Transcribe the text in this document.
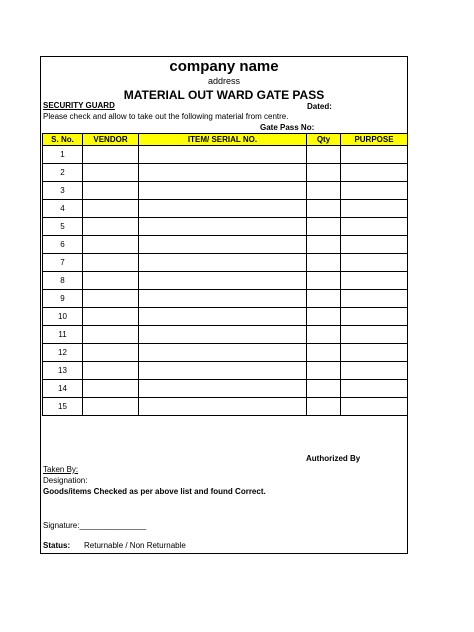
company name
address
MATERIAL OUT WARD GATE PASS
SECURITY GUARD	Dated:
Please check and allow to take out the following material from centre.
Gate Pass No:
S. No.	VENDOR	ITEM/ SERIAL NO.	Qty	PURPOSE
1				
2				
3				
4				
5				
6				
7				
8				
9				
10				
11				
12				
13				
14				
15				
Authorized By
Taken By:
Designation:
Goods/items Checked as per above list and found Correct.
Signature:_______________
Status: Returnable / Non Returnable
